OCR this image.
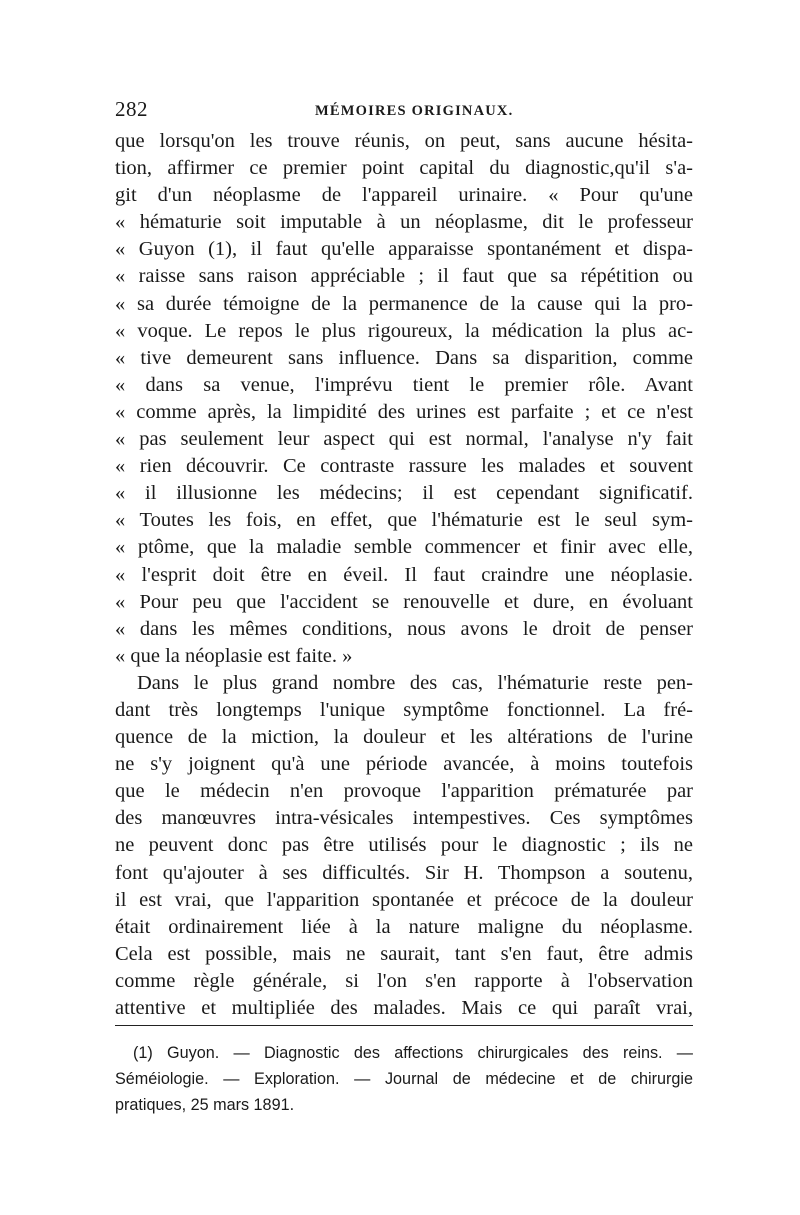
282	MÉMOIRES ORIGINAUX.
que lorsqu'on les trouve réunis, on peut, sans aucune hésita-
tion, affirmer ce premier point capital du diagnostic,qu'il s'a-
git d'un néoplasme de l'appareil urinaire. « Pour qu'une
« hématurie soit imputable à un néoplasme, dit le professeur
« Guyon (1), il faut qu'elle apparaisse spontanément et dispa-
« raisse sans raison appréciable ; il faut que sa répétition ou
« sa durée témoigne de la permanence de la cause qui la pro-
« voque. Le repos le plus rigoureux, la médication la plus ac-
« tive demeurent sans influence. Dans sa disparition, comme
« dans sa venue, l'imprévu tient le premier rôle. Avant
« comme après, la limpidité des urines est parfaite ; et ce n'est
« pas seulement leur aspect qui est normal, l'analyse n'y fait
« rien découvrir. Ce contraste rassure les malades et souvent
« il illusionne les médecins; il est cependant significatif.
« Toutes les fois, en effet, que l'hématurie est le seul sym-
« ptôme, que la maladie semble commencer et finir avec elle,
« l'esprit doit être en éveil. Il faut craindre une néoplasie.
« Pour peu que l'accident se renouvelle et dure, en évoluant
« dans les mêmes conditions, nous avons le droit de penser
« que la néoplasie est faite. »
Dans le plus grand nombre des cas, l'hématurie reste pen-
dant très longtemps l'unique symptôme fonctionnel. La fré-
quence de la miction, la douleur et les altérations de l'urine
ne s'y joignent qu'à une période avancée, à moins toutefois
que le médecin n'en provoque l'apparition prématurée par
des manœuvres intra-vésicales intempestives. Ces symptômes
ne peuvent donc pas être utilisés pour le diagnostic ; ils ne
font qu'ajouter à ses difficultés. Sir H. Thompson a soutenu,
il est vrai, que l'apparition spontanée et précoce de la douleur
était ordinairement liée à la nature maligne du néoplasme.
Cela est possible, mais ne saurait, tant s'en faut, être admis
comme règle générale, si l'on s'en rapporte à l'observation
attentive et multipliée des malades. Mais ce qui paraît vrai,
(1) Guyon. — Diagnostic des affections chirurgicales des reins. —
Séméiologie. — Exploration. — Journal de médecine et de chirurgie
pratiques, 25 mars 1891.
